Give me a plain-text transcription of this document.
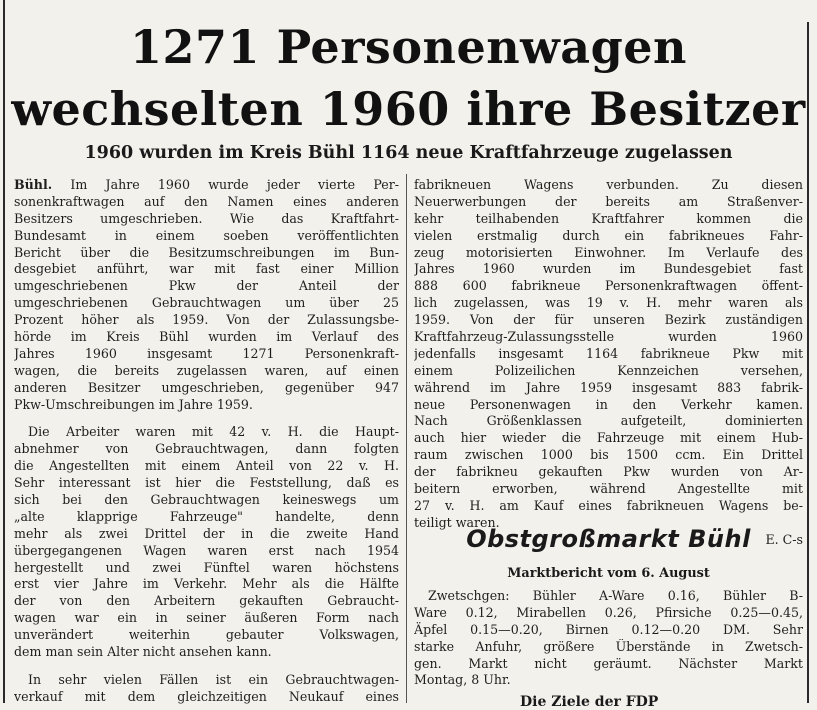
1271 Personenwagen
wechselten 1960 ihre Besitzer
1960 wurden im Kreis Bühl 1164 neue Kraftfahrzeuge zugelassen
Bühl. Im Jahre 1960 wurde jeder vierte Per-
sonenkraftwagen auf den Namen eines anderen
Besitzers umgeschrieben. Wie das Kraftfahrt-
Bundesamt in einem soeben veröffentlichten
Bericht über die Besitzumschreibungen im Bun-
desgebiet anführt, war mit fast einer Million
umgeschriebenen Pkw der Anteil der
umgeschriebenen Gebrauchtwagen um über 25
Prozent höher als 1959. Von der Zulassungsbe-
hörde im Kreis Bühl wurden im Verlauf des
Jahres 1960 insgesamt 1271 Personenkraft-
wagen, die bereits zugelassen waren, auf einen
anderen Besitzer umgeschrieben, gegenüber 947
Pkw-Umschreibungen im Jahre 1959.
Die Arbeiter waren mit 42 v. H. die Haupt-
abnehmer von Gebrauchtwagen, dann folgten
die Angestellten mit einem Anteil von 22 v. H.
Sehr interessant ist hier die Feststellung, daß es
sich bei den Gebrauchtwagen keineswegs um
„alte klapprige Fahrzeuge" handelte, denn
mehr als zwei Drittel der in die zweite Hand
übergegangenen Wagen waren erst nach 1954
hergestellt und zwei Fünftel waren höchstens
erst vier Jahre im Verkehr. Mehr als die Hälfte
der von den Arbeitern gekauften Gebraucht-
wagen war ein in seiner äußeren Form nach
unverändert weiterhin gebauter Volkswagen,
dem man sein Alter nicht ansehen kann.
In sehr vielen Fällen ist ein Gebrauchtwagen-
verkauf mit dem gleichzeitigen Neukauf eines
fabrikneuen Wagens verbunden. Zu diesen
Neuerwerbungen der bereits am Straßenver-
kehr teilhabenden Kraftfahrer kommen die
vielen erstmalig durch ein fabrikneues Fahr-
zeug motorisierten Einwohner. Im Verlaufe des
Jahres 1960 wurden im Bundesgebiet fast
888 600 fabrikneue Personenkraftwagen öffent-
lich zugelassen, was 19 v. H. mehr waren als
1959. Von der für unseren Bezirk zuständigen
Kraftfahrzeug-Zulassungsstelle wurden 1960
jedenfalls insgesamt 1164 fabrikneue Pkw mit
einem Polizeilichen Kennzeichen versehen,
während im Jahre 1959 insgesamt 883 fabrik-
neue Personenwagen in den Verkehr kamen.
Nach Größenklassen aufgeteilt, dominierten
auch hier wieder die Fahrzeuge mit einem Hub-
raum zwischen 1000 bis 1500 ccm. Ein Drittel
der fabrikneu gekauften Pkw wurden von Ar-
beitern erworben, während Angestellte mit
27 v. H. am Kauf eines fabrikneuen Wagens be-
teiligt waren.
E. C-s
Obstgroßmarkt Bühl
Marktbericht vom 6. August
Zwetschgen: Bühler A-Ware 0.16, Bühler B-
Ware 0.12, Mirabellen 0.26, Pfirsiche 0.25—0.45,
Äpfel 0.15—0.20, Birnen 0.12—0.20 DM. Sehr
starke Anfuhr, größere Überstände in Zwetsch-
gen. Markt nicht geräumt. Nächster Markt
Montag, 8 Uhr.
Die Ziele der FDP
